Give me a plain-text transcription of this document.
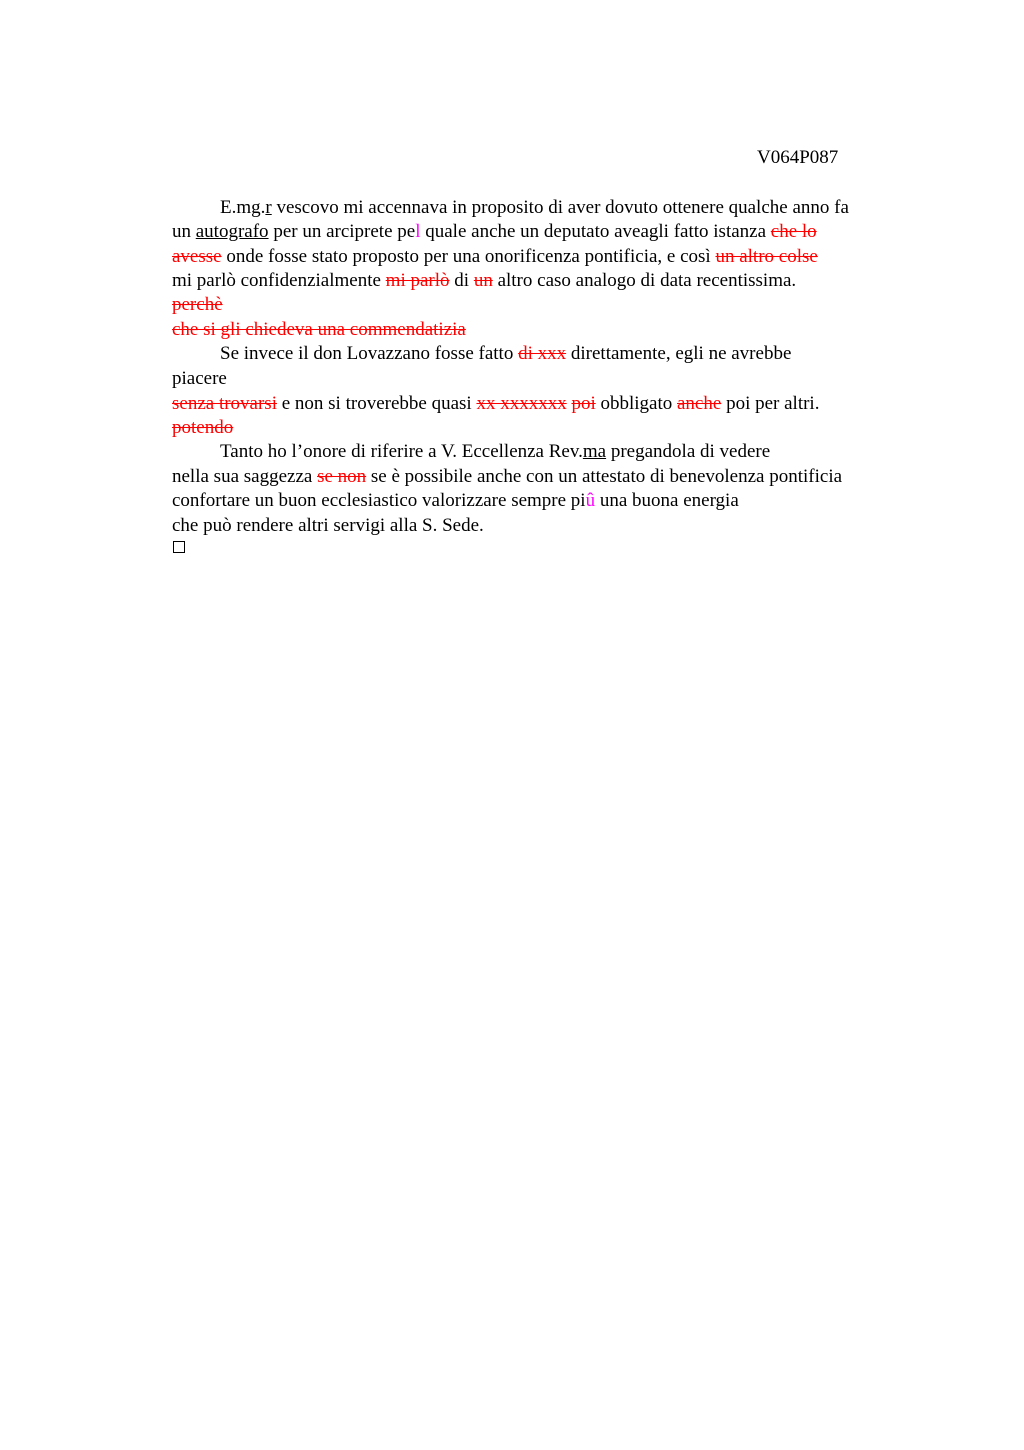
V064P087
E.mg.r vescovo mi accennava in proposito di aver dovuto ottenere qualche anno fa
un autografo per un arciprete pel quale anche un deputato aveagli fatto istanza che lo
avesse onde fosse stato proposto per una onorificenza pontificia, e così un altro colse
mi parlò confidenzialmente mi parlò di un altro caso analogo di data recentissima.
perchè
che si gli chiedeva una commendatizia
Se invece il don Lovazzano fosse fatto di xxx direttamente, egli ne avrebbe
piacere
senza trovarsi e non si troverebbe quasi xx xxxxxxx poi obbligato anche poi per altri.
potendo
Tanto ho l’onore di riferire a V. Eccellenza Rev.ma pregandola di vedere
nella sua saggezza se non se è possibile anche con un attestato di benevolenza pontificia
confortare un buon ecclesiastico valorizzare sempre piû una buona energia
che può rendere altri servigi alla S. Sede.
